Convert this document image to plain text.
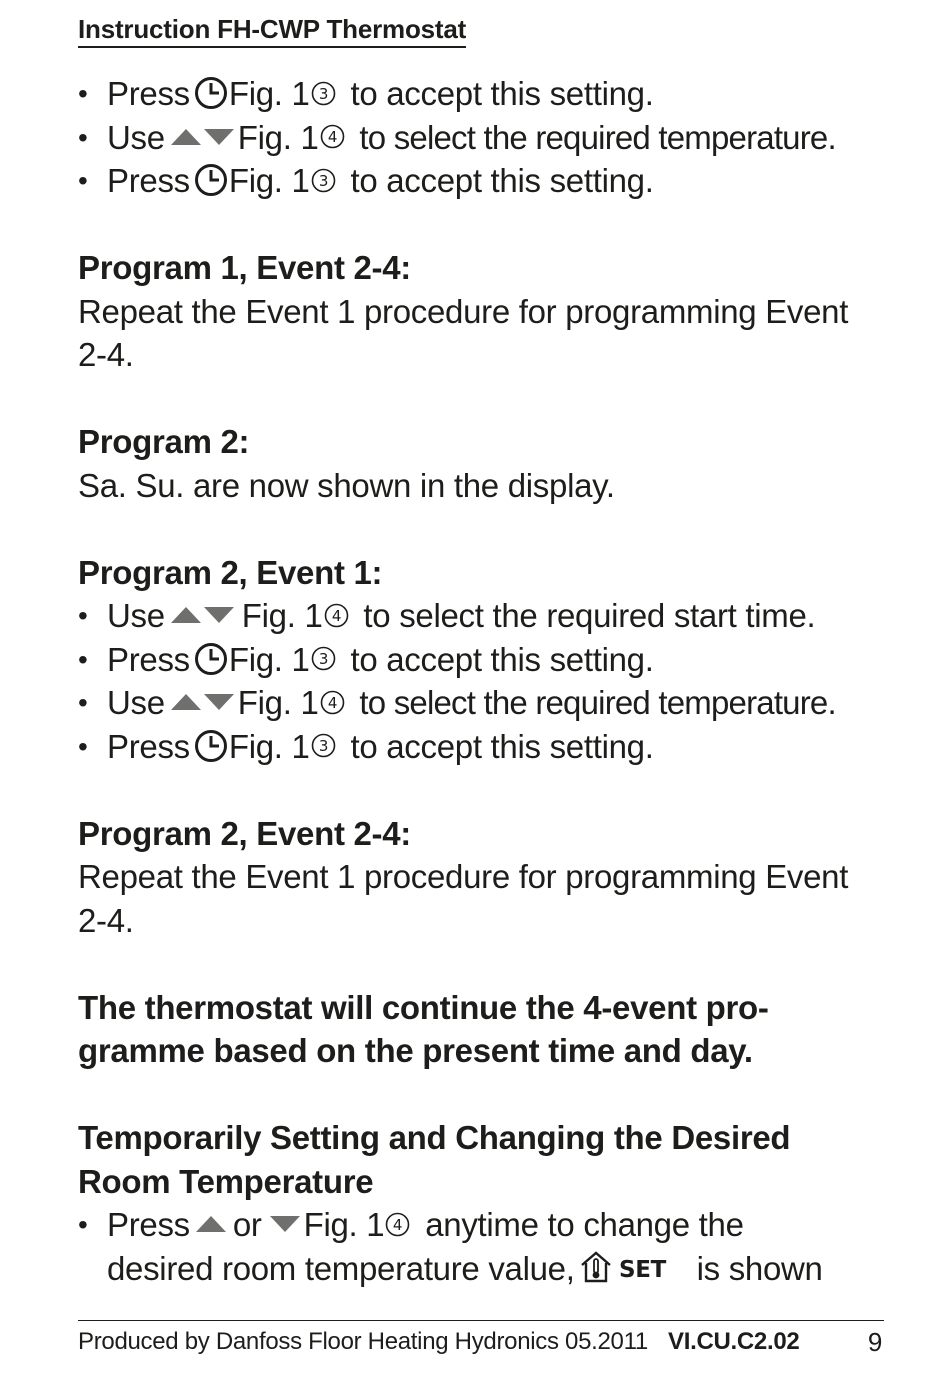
Instruction FH-CWP Thermostat
• Press Fig. 1 3 to accept this setting.
• Use Fig. 1 4 to select the required temperature.
• Press Fig. 1 3 to accept this setting.
Program 1, Event 2-4:
Repeat the Event 1 procedure for programming Event
2-4.
Program 2:
Sa. Su. are now shown in the display.
Program 2, Event 1:
• Use Fig. 1 4 to select the required start time.
• Press Fig. 1 3 to accept this setting.
• Use Fig. 1 4 to select the required temperature.
• Press Fig. 1 3 to accept this setting.
Program 2, Event 2-4:
Repeat the Event 1 procedure for programming Event
2-4.
The thermostat will continue the 4-event pro-
gramme based on the present time and day.
Temporarily Setting and Changing the Desired
Room Temperature
• Press or Fig. 1 4 anytime to change the
desired room temperature value, SET is shown
Produced by Danfoss Floor Heating Hydronics 05.2011 VI.CU.C2.02	9
